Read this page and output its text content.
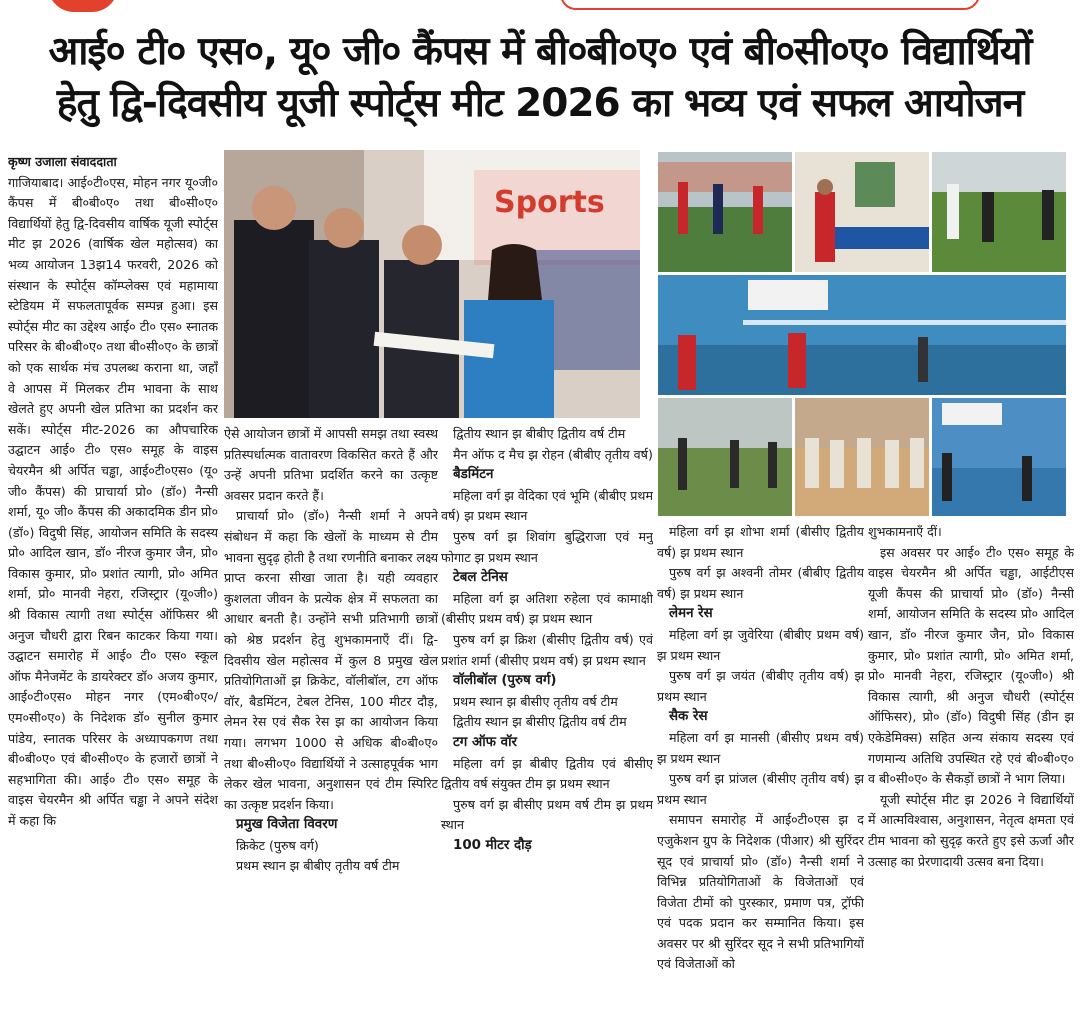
आई० टी० एस०, यू० जी० कैंपस में बी०बी०ए० एवं बी०सी०ए० विद्यार्थियों
हेतु द्वि-दिवसीय यूजी स्पोर्ट्स मीट 2026 का भव्य एवं सफल आयोजन

कृष्ण उजाला संवाददाता

गाजियाबाद। आई०टी०एस, मोहन नगर यू०जी० कैंपस में बी०बी०ए० तथा बी०सी०ए० विद्यार्थियों हेतु द्वि-दिवसीय वार्षिक यूजी स्पोर्ट्स मीट झ 2026 (वार्षिक खेल महोत्सव) का भव्य आयोजन 13झ14 फरवरी, 2026 को संस्थान के स्पोर्ट्स कॉम्प्लेक्स एवं महामाया स्टेडियम में सफलतापूर्वक सम्पन्न हुआ। इस स्पोर्ट्स मीट का उद्देश्य आई० टी० एस० स्नातक परिसर के बी०बी०ए० तथा बी०सी०ए० के छात्रों को एक सार्थक मंच उपलब्ध कराना था, जहाँ वे आपस में मिलकर टीम भावना के साथ खेलते हुए अपनी खेल प्रतिभा का प्रदर्शन कर सकें। स्पोर्ट्स मीट-2026 का औपचारिक उद्घाटन आई० टी० एस० समूह के वाइस चेयरमैन श्री अर्पित चड्ढा, आई०टी०एस० (यू० जी० कैंपस) की प्राचार्या प्रो० (डॉ०) नैन्सी शर्मा, यू० जी० कैंपस की अकादमिक डीन प्रो० (डॉ०) विदुषी सिंह, आयोजन समिति के सदस्य प्रो० आदिल खान, डॉ० नीरज कुमार जैन, प्रो० विकास कुमार, प्रो० प्रशांत त्यागी, प्रो० अमित शर्मा, प्रो० मानवी नेहरा, रजिस्ट्रार (यू०जी०) श्री विकास त्यागी तथा स्पोर्ट्स ऑफिसर श्री अनुज चौधरी द्वारा रिबन काटकर किया गया। उद्घाटन समारोह में आई० टी० एस० स्कूल ऑफ मैनेजमेंट के डायरेक्टर डॉ० अजय कुमार, आई०टी०एस० मोहन नगर (एम०बी०ए०/एम०सी०ए०) के निदेशक डॉ० सुनील कुमार पांडेय, स्नातक परिसर के अध्यापकगण तथा बी०बी०ए० एवं बी०सी०ए० के हजारों छात्रों ने सहभागिता की। आई० टी० एस० समूह के वाइस चेयरमैन श्री अर्पित चड्ढा ने अपने संदेश में कहा कि

Sports

ऐसे आयोजन छात्रों में आपसी समझ तथा स्वस्थ प्रतिस्पर्धात्मक वातावरण विकसित करते हैं और उन्हें अपनी प्रतिभा प्रदर्शित करने का उत्कृष्ट अवसर प्रदान करते हैं।

प्राचार्या प्रो० (डॉ०) नैन्सी शर्मा ने अपने संबोधन में कहा कि खेलों के माध्यम से टीम भावना सुदृढ़ होती है तथा रणनीति बनाकर लक्ष्य प्राप्त करना सीखा जाता है। यही व्यवहार कुशलता जीवन के प्रत्येक क्षेत्र में सफलता का आधार बनती है। उन्होंने सभी प्रतिभागी छात्रों को श्रेष्ठ प्रदर्शन हेतु शुभकामनाएँ दीं। द्वि-दिवसीय खेल महोत्सव में कुल 8 प्रमुख खेल प्रतियोगिताओं झ क्रिकेट, वॉलीबॉल, टग ऑफ वॉर, बैडमिंटन, टेबल टेनिस, 100 मीटर दौड़, लेमन रेस एवं सैक रेस झ का आयोजन किया गया। लगभग 1000 से अधिक बी०बी०ए० तथा बी०सी०ए० विद्यार्थियों ने उत्साहपूर्वक भाग लेकर खेल भावना, अनुशासन एवं टीम स्पिरिट का उत्कृष्ट प्रदर्शन किया।

प्रमुख विजेता विवरण

क्रिकेट (पुरुष वर्ग)

प्रथम स्थान झ बीबीए तृतीय वर्ष टीम

द्वितीय स्थान झ बीबीए द्वितीय वर्ष टीम

मैन ऑफ द मैच झ रोहन (बीबीए तृतीय वर्ष)

बैडमिंटन

महिला वर्ग झ वेदिका एवं भूमि (बीबीए प्रथम वर्ष) झ प्रथम स्थान

पुरुष वर्ग झ शिवांग बुद्धिराजा एवं मनु फोगाट झ प्रथम स्थान

टेबल टेनिस

महिला वर्ग झ अतिशा रुहेला एवं कामाक्षी (बीसीए प्रथम वर्ष) झ प्रथम स्थान

पुरुष वर्ग झ क्रिश (बीसीए द्वितीय वर्ष) एवं प्रशांत शर्मा (बीसीए प्रथम वर्ष) झ प्रथम स्थान

वॉलीबॉल (पुरुष वर्ग)

प्रथम स्थान झ बीसीए तृतीय वर्ष टीम

द्वितीय स्थान झ बीसीए द्वितीय वर्ष टीम

टग ऑफ वॉर

महिला वर्ग झ बीबीए द्वितीय एवं बीसीए द्वितीय वर्ष संयुक्त टीम झ प्रथम स्थान

पुरुष वर्ग झ बीसीए प्रथम वर्ष टीम झ प्रथम स्थान

100 मीटर दौड़

महिला वर्ग झ शोभा शर्मा (बीसीए द्वितीय वर्ष) झ प्रथम स्थान

पुरुष वर्ग झ अश्वनी तोमर (बीबीए द्वितीय वर्ष) झ प्रथम स्थान

लेमन रेस

महिला वर्ग झ जुवेरिया (बीबीए प्रथम वर्ष) झ प्रथम स्थान

पुरुष वर्ग झ जयंत (बीबीए तृतीय वर्ष) झ प्रथम स्थान

सैक रेस

महिला वर्ग झ मानसी (बीसीए प्रथम वर्ष) झ प्रथम स्थान

पुरुष वर्ग झ प्रांजल (बीसीए तृतीय वर्ष) झ प्रथम स्थान

समापन समारोह में आई०टी०एस झ द एजुकेशन ग्रुप के निदेशक (पीआर) श्री सुरिंदर सूद एवं प्राचार्या प्रो० (डॉ०) नैन्सी शर्मा ने विभिन्न प्रतियोगिताओं के विजेताओं एवं विजेता टीमों को पुरस्कार, प्रमाण पत्र, ट्रॉफी एवं पदक प्रदान कर सम्मानित किया। इस अवसर पर श्री सुरिंदर सूद ने सभी प्रतिभागियों एवं विजेताओं को

शुभकामनाएँ दीं।

इस अवसर पर आई० टी० एस० समूह के वाइस चेयरमैन श्री अर्पित चड्ढा, आईटीएस यूजी कैंपस की प्राचार्या प्रो० (डॉ०) नैन्सी शर्मा, आयोजन समिति के सदस्य प्रो० आदिल खान, डॉ० नीरज कुमार जैन, प्रो० विकास कुमार, प्रो० प्रशांत त्यागी, प्रो० अमित शर्मा, प्रो० मानवी नेहरा, रजिस्ट्रार (यू०जी०) श्री विकास त्यागी, श्री अनुज चौधरी (स्पोर्ट्स ऑफिसर), प्रो० (डॉ०) विदुषी सिंह (डीन झ एकेडेमिक्स) सहित अन्य संकाय सदस्य एवं गणमान्य अतिथि उपस्थित रहे एवं बी०बी०ए० व बी०सी०ए० के सैकड़ों छात्रों ने भाग लिया।

यूजी स्पोर्ट्स मीट झ 2026 ने विद्यार्थियों में आत्मविश्वास, अनुशासन, नेतृत्व क्षमता एवं टीम भावना को सुदृढ़ करते हुए इसे ऊर्जा और उत्साह का प्रेरणादायी उत्सव बना दिया।
